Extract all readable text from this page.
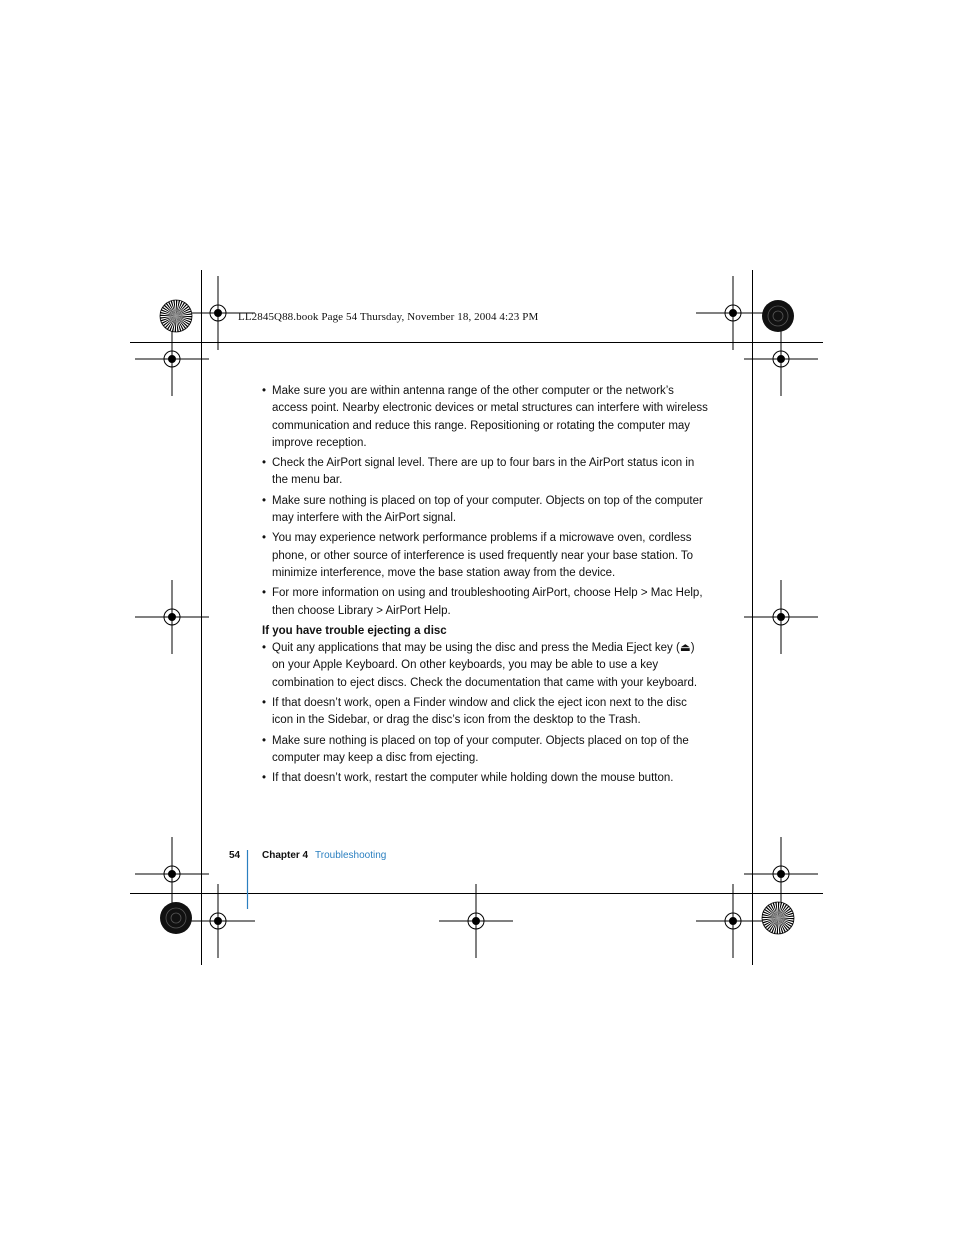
LL2845Q88.book Page 54 Thursday, November 18, 2004 4:23 PM
• Make sure you are within antenna range of the other computer or the network’s access point. Nearby electronic devices or metal structures can interfere with wireless communication and reduce this range. Repositioning or rotating the computer may improve reception.
• Check the AirPort signal level. There are up to four bars in the AirPort status icon in the menu bar.
• Make sure nothing is placed on top of your computer. Objects on top of the computer may interfere with the AirPort signal.
• You may experience network performance problems if a microwave oven, cordless phone, or other source of interference is used frequently near your base station. To minimize interference, move the base station away from the device.
• For more information on using and troubleshooting AirPort, choose Help > Mac Help, then choose Library > AirPort Help.
If you have trouble ejecting a disc
• Quit any applications that may be using the disc and press the Media Eject key (⏏) on your Apple Keyboard. On other keyboards, you may be able to use a key combination to eject discs. Check the documentation that came with your keyboard.
• If that doesn’t work, open a Finder window and click the eject icon next to the disc icon in the Sidebar, or drag the disc’s icon from the desktop to the Trash.
• Make sure nothing is placed on top of your computer. Objects placed on top of the computer may keep a disc from ejecting.
• If that doesn’t work, restart the computer while holding down the mouse button.
54 Chapter 4 Troubleshooting
